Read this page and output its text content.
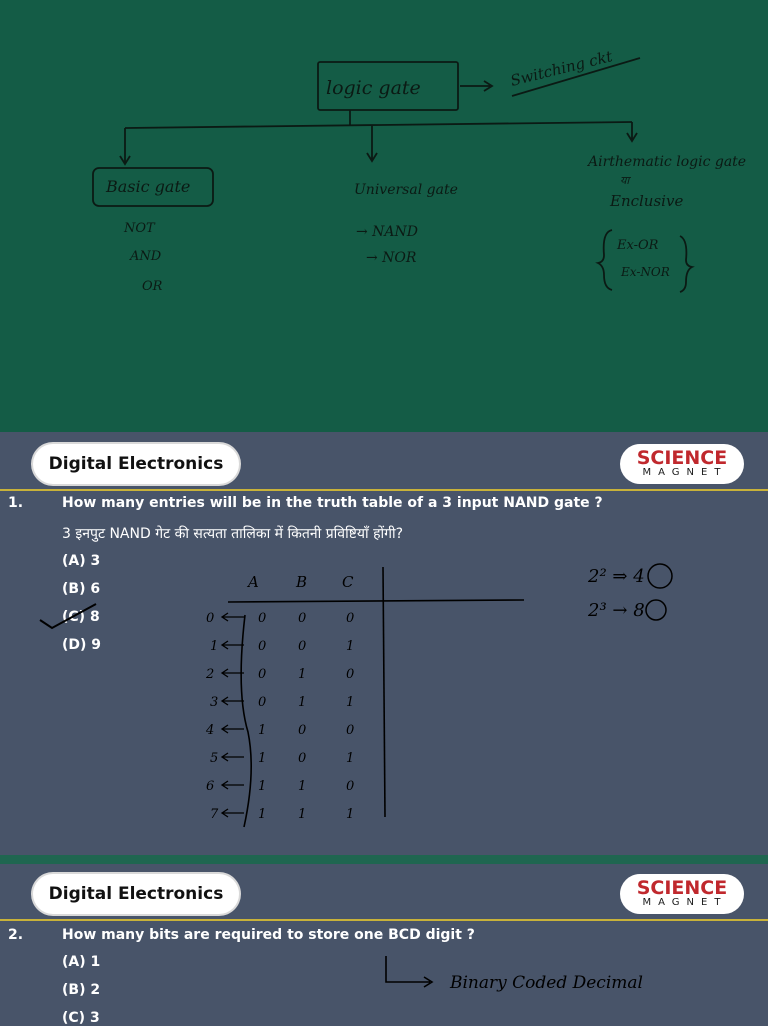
logic gate	Switching ckt
Basic gate
NOT
AND
OR
Universal gate
→ NAND
→ NOR
Airthematic logic gate
या
Enclusive
Ex-OR
Ex-NOR
Digital Electronics	SCIENCE
MAGNET
1.	How many entries will be in the truth table of a 3 input NAND gate ?
3 इनपुट NAND गेट की सत्यता तालिका में कितनी प्रविष्टियाँ होंगी?
(A) 3
(B) 6
(C) 8
(D) 9
A B C
0	0 0	0
1	0 0	1
2	0 1	0
3	0 1	1
4	1 0	0
5	1 0	1
6	1 1	0
7	1 1	1
2² ⇒ 4
2³ → 8
Digital Electronics	SCIENCE
MAGNET
2.	How many bits are required to store one BCD digit ?
(A) 1
(B) 2
(C) 3
Binary Coded Decimal
